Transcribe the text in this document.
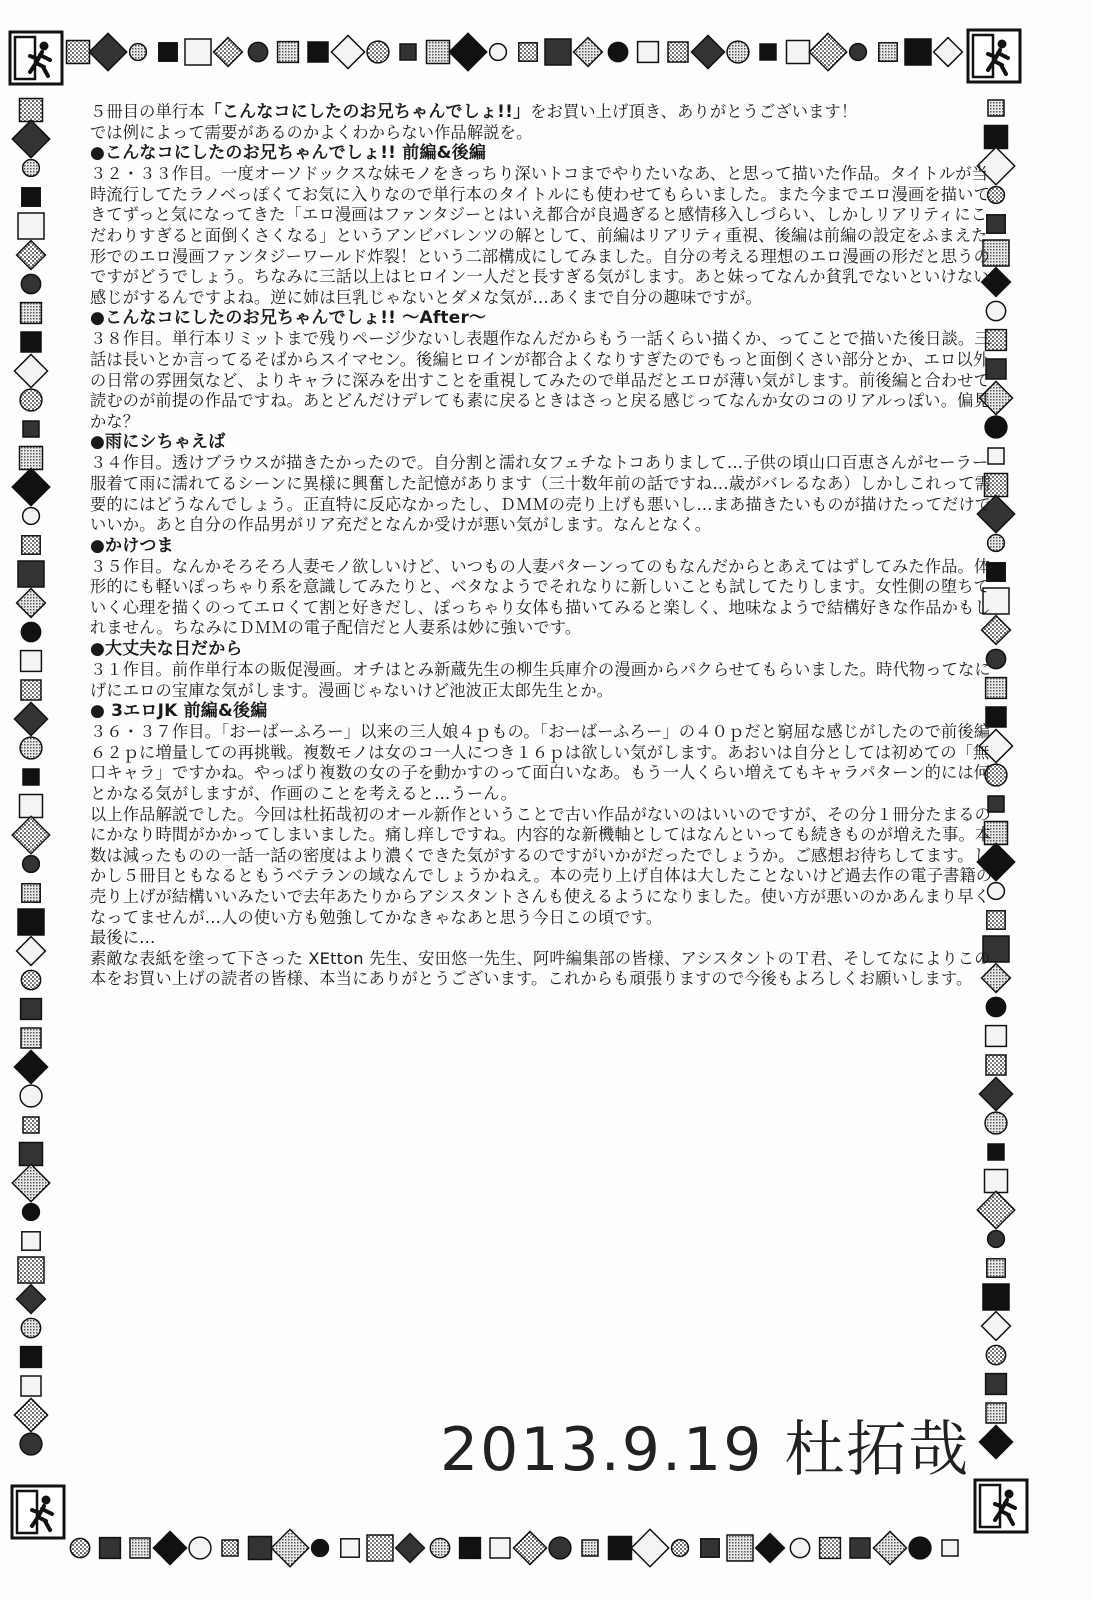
５冊目の単行本「こんなコにしたのお兄ちゃんでしょ!!」をお買い上げ頂き、ありがとうございます！

では例によって需要があるのかよくわからない作品解説を。

●こんなコにしたのお兄ちゃんでしょ!! 前編&後編

３２・３３作目。一度オーソドックスな妹モノをきっちり深いトコまでやりたいなあ、と思って描いた作品。タイトルが当時流行してたラノベっぽくてお気に入りなので単行本のタイトルにも使わせてもらいました。また今までエロ漫画を描いてきてずっと気になってきた「エロ漫画はファンタジーとはいえ都合が良過ぎると感情移入しづらい、しかしリアリティにこだわりすぎると面倒くさくなる」というアンビバレンツの解として、前編はリアリティ重視、後編は前編の設定をふまえた形でのエロ漫画ファンタジーワールド炸裂！という二部構成にしてみました。自分の考える理想のエロ漫画の形だと思うのですがどうでしょう。ちなみに三話以上はヒロイン一人だと長すぎる気がします。あと妹ってなんか貧乳でないといけない感じがするんですよね。逆に姉は巨乳じゃないとダメな気が…あくまで自分の趣味ですが。

●こんなコにしたのお兄ちゃんでしょ!! 〜After〜

３８作目。単行本リミットまで残りページ少ないし表題作なんだからもう一話くらい描くか、ってことで描いた後日談。三話は長いとか言ってるそばからスイマセン。後編ヒロインが都合よくなりすぎたのでもっと面倒くさい部分とか、エロ以外の日常の雰囲気など、よりキャラに深みを出すことを重視してみたので単品だとエロが薄い気がします。前後編と合わせて読むのが前提の作品ですね。あとどんだけデレても素に戻るときはさっと戻る感じってなんか女のコのリアルっぽい。偏見かな？

●雨にシちゃえば

３４作目。透けブラウスが描きたかったので。自分割と濡れ女フェチなトコありまして…子供の頃山口百恵さんがセーラー服着て雨に濡れてるシーンに異様に興奮した記憶があります（三十数年前の話ですね…歳がバレるなあ）しかしこれって需要的にはどうなんでしょう。正直特に反応なかったし、ＤＭＭの売り上げも悪いし…まあ描きたいものが描けたってだけでいいか。あと自分の作品男がリア充だとなんか受けが悪い気がします。なんとなく。

●かけつま

３５作目。なんかそろそろ人妻モノ欲しいけど、いつもの人妻パターンってのもなんだからとあえてはずしてみた作品。体形的にも軽いぽっちゃり系を意識してみたりと、ベタなようでそれなりに新しいことも試してたりします。女性側の堕ちていく心理を描くのってエロくて割と好きだし、ぽっちゃり女体も描いてみると楽しく、地味なようで結構好きな作品かもしれません。ちなみにＤＭＭの電子配信だと人妻系は妙に強いです。

●大丈夫な日だから

３１作目。前作単行本の販促漫画。オチはとみ新蔵先生の柳生兵庫介の漫画からパクらせてもらいました。時代物ってなにげにエロの宝庫な気がします。漫画じゃないけど池波正太郎先生とか。

● 3エロJK 前編&後編

３６・３７作目。「おーばーふろー」以来の三人娘４ｐもの。「おーばーふろー」の４０ｐだと窮屈な感じがしたので前後編６２ｐに増量しての再挑戦。複数モノは女のコ一人につき１６ｐは欲しい気がします。あおいは自分としては初めての「無口キャラ」ですかね。やっぱり複数の女の子を動かすのって面白いなあ。もう一人くらい増えてもキャラパターン的には何とかなる気がしますが、作画のことを考えると…うーん。

以上作品解説でした。今回は杜拓哉初のオール新作ということで古い作品がないのはいいのですが、その分１冊分たまるのにかなり時間がかかってしまいました。痛し痒しですね。内容的な新機軸としてはなんといっても続きものが増えた事。本数は減ったものの一話一話の密度はより濃くできた気がするのですがいかがだったでしょうか。ご感想お待ちしてます。しかし５冊目ともなるともうベテランの域なんでしょうかねえ。本の売り上げ自体は大したことないけど過去作の電子書籍の売り上げが結構いいみたいで去年あたりからアシスタントさんも使えるようになりました。使い方が悪いのかあんまり早くなってませんが…人の使い方も勉強してかなきゃなあと思う今日この頃です。

最後に…

素敵な表紙を塗って下さった XEtton 先生、安田悠一先生、阿吽編集部の皆様、アシスタントのＴ君、そしてなによりこの本をお買い上げの読者の皆様、本当にありがとうございます。これからも頑張りますので今後もよろしくお願いします。

2013.9.19 杜拓哉
